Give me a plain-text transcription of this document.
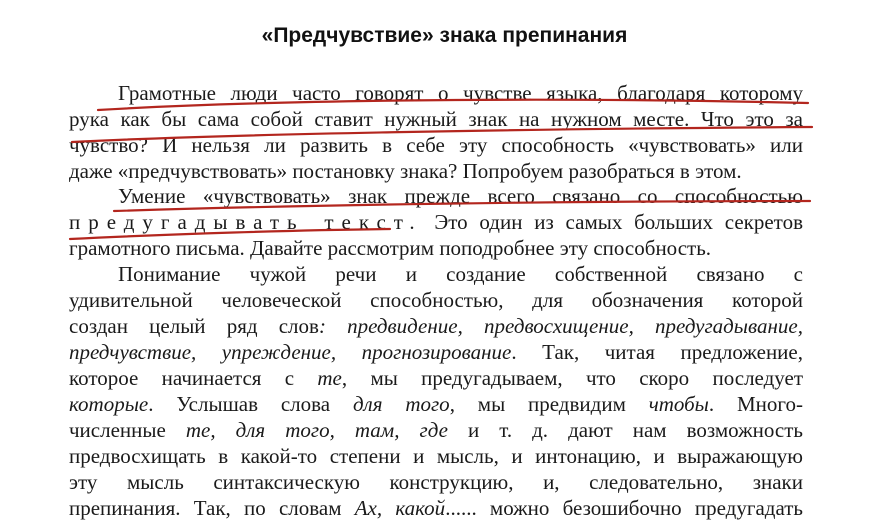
«Предчувствие» знака препинания
Грамотные люди часто говорят о чувстве языка, благодаря которому
рука как бы сама собой ставит нужный знак на нужном месте. Что это за
чувство? И нельзя ли развить в себе эту способность «чувствовать» или
даже «предчувствовать» постановку знака? Попробуем разобраться в этом.
Умение «чувствовать» знак прежде всего связано со способностью
предугадывать текст. Это один из самых больших секретов
грамотного письма. Давайте рассмотрим поподробнее эту способность.
Понимание чужой речи и создание собственной связано с
удивительной человеческой способностью, для обозначения которой
создан целый ряд слов: предвидение, предвосхищение, предугадывание,
предчувствие, упреждение, прогнозирование. Так, читая предложение,
которое начинается с те, мы предугадываем, что скоро последует
которые. Услышав слова для того, мы предвидим чтобы. Много-
численные те, для того, там, где и т. д. дают нам возможность
предвосхищать в какой-то степени и мысль, и интонацию, и выражающую
эту мысль синтаксическую конструкцию, и, следовательно, знаки
препинания. Так, по словам Ах, какой...... можно безошибочно предугадать
